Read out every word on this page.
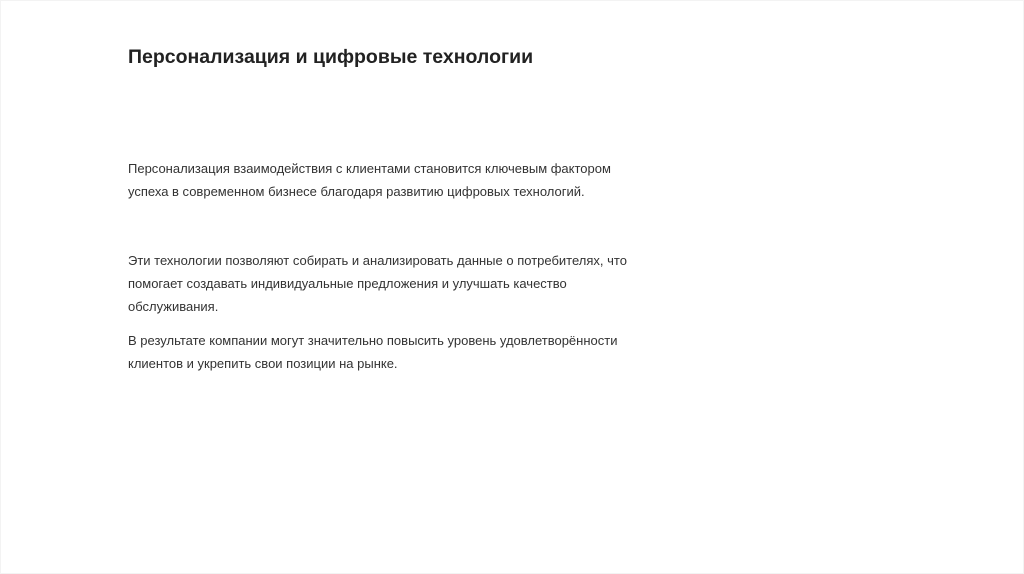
Персонализация и цифровые технологии

Персонализация взаимодействия с клиентами становится ключевым фактором
успеха в современном бизнесе благодаря развитию цифровых технологий.

Эти технологии позволяют собирать и анализировать данные о потребителях, что
помогает создавать индивидуальные предложения и улучшать качество
обслуживания.

В результате компании могут значительно повысить уровень удовлетворённости
клиентов и укрепить свои позиции на рынке.
